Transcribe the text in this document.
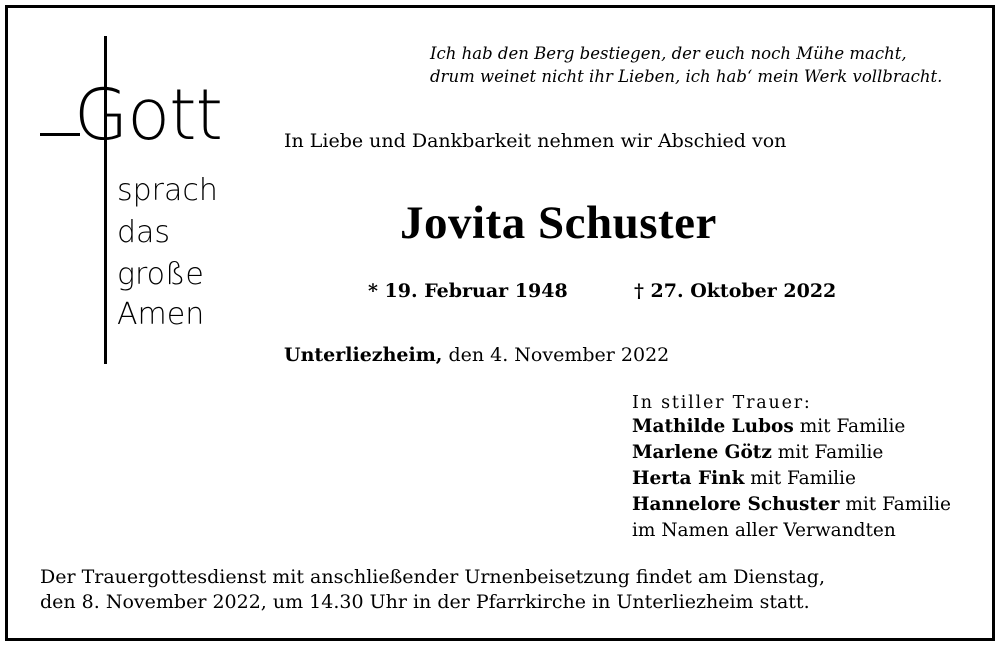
Gott
sprach
das
große
Amen
Ich hab den Berg bestiegen, der euch noch Mühe macht,
drum weinet nicht ihr Lieben, ich hab‘ mein Werk vollbracht.
In Liebe und Dankbarkeit nehmen wir Abschied von
Jovita Schuster
* 19. Februar 1948	† 27. Oktober 2022
Unterliezheim, den 4. November 2022
In stiller Trauer:
Mathilde Lubos mit Familie
Marlene Götz mit Familie
Herta Fink mit Familie
Hannelore Schuster mit Familie
im Namen aller Verwandten
Der Trauergottesdienst mit anschließender Urnenbeisetzung findet am Dienstag,
den 8. November 2022, um 14.30 Uhr in der Pfarrkirche in Unterliezheim statt.
